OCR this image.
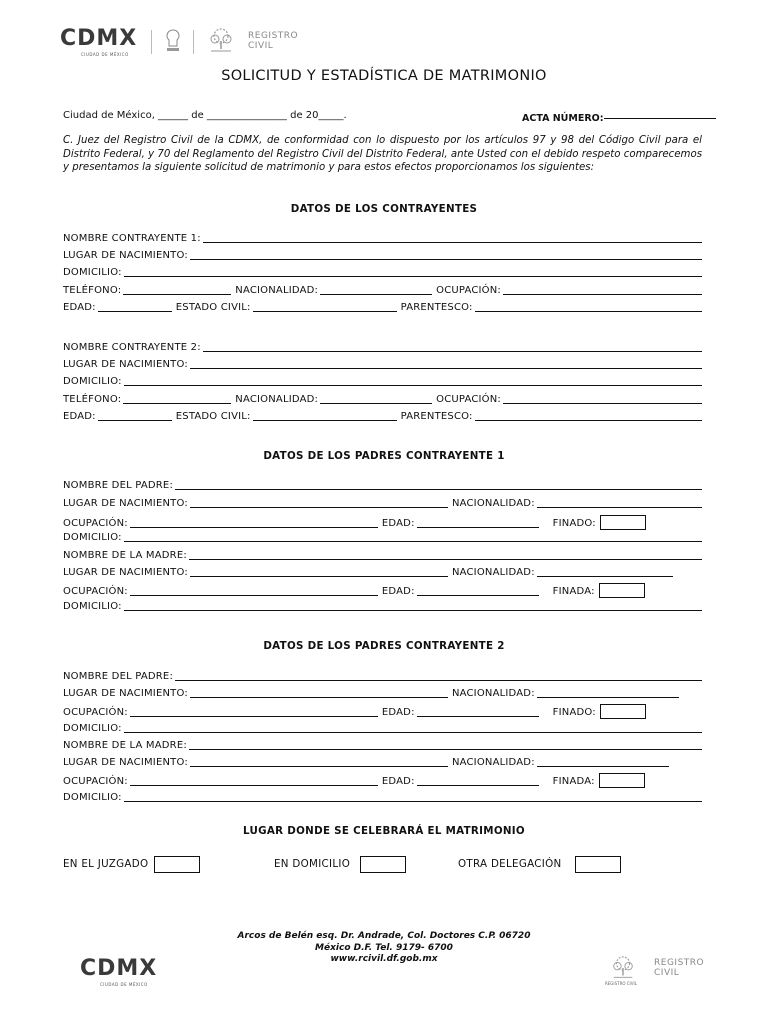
CDMX
CIUDAD DE MÉXICO
REGISTRO
CIVIL
SOLICITUD Y ESTADÍSTICA DE MATRIMONIO
Ciudad de México, ______ de ________________ de 20_____.	ACTA NÚMERO:
C. Juez del Registro Civil de la CDMX, de conformidad con lo dispuesto por los artículos 97 y 98 del Código Civil para el Distrito Federal, y 70 del Reglamento del Registro Civil del Distrito Federal, ante Usted con el debido respeto comparecemos y presentamos la siguiente solicitud de matrimonio y para estos efectos proporcionamos los siguientes:
DATOS DE LOS CONTRAYENTES
NOMBRE CONTRAYENTE 1:
LUGAR DE NACIMIENTO:
DOMICILIO:
TELÉFONO:	NACIONALIDAD:	OCUPACIÓN:
EDAD:	ESTADO CIVIL:	PARENTESCO:
NOMBRE CONTRAYENTE 2:
LUGAR DE NACIMIENTO:
DOMICILIO:
TELÉFONO:	NACIONALIDAD:	OCUPACIÓN:
EDAD:	ESTADO CIVIL:	PARENTESCO:
DATOS DE LOS PADRES CONTRAYENTE 1
NOMBRE DEL PADRE:
LUGAR DE NACIMIENTO:	NACIONALIDAD:
OCUPACIÓN:	EDAD:	FINADO:
DOMICILIO:
NOMBRE DE LA MADRE:
LUGAR DE NACIMIENTO:	NACIONALIDAD:
OCUPACIÓN:	EDAD:	FINADA:
DOMICILIO:
DATOS DE LOS PADRES CONTRAYENTE 2
NOMBRE DEL PADRE:
LUGAR DE NACIMIENTO:	NACIONALIDAD:
OCUPACIÓN:	EDAD:	FINADO:
DOMICILIO:
NOMBRE DE LA MADRE:
LUGAR DE NACIMIENTO:	NACIONALIDAD:
OCUPACIÓN:	EDAD:	FINADA:
DOMICILIO:
LUGAR DONDE SE CELEBRARÁ EL MATRIMONIO
EN EL JUZGADO	EN DOMICILIO	OTRA DELEGACIÓN
Arcos de Belén esq. Dr. Andrade, Col. Doctores C.P. 06720
México D.F. Tel. 9179- 6700
www.rcivil.df.gob.mx
CDMX
CIUDAD DE MÉXICO	REGISTRO CIVIL
REGISTRO
CIVIL
